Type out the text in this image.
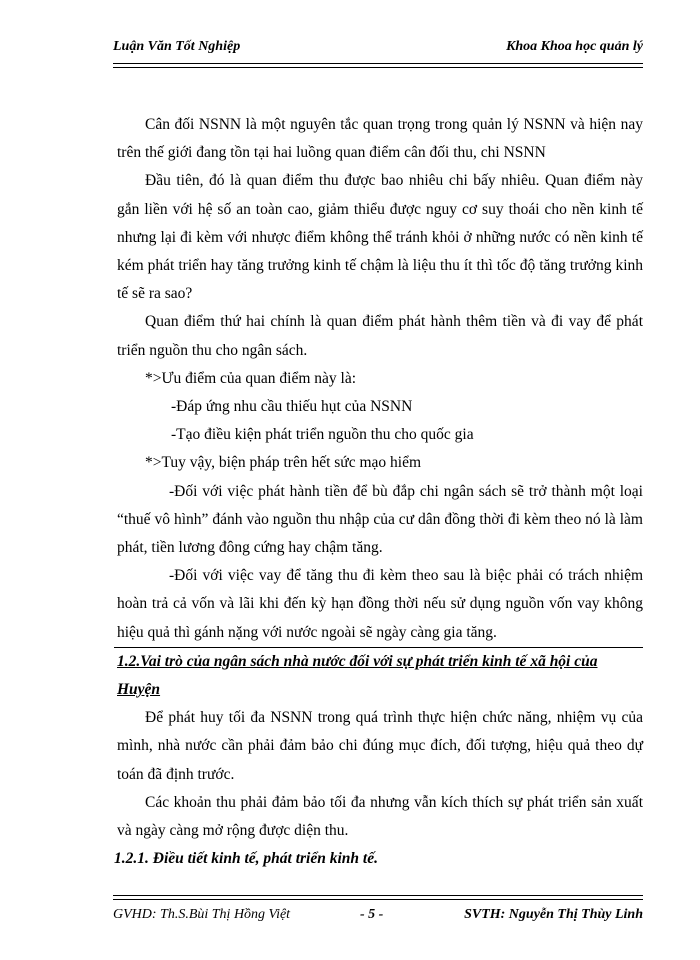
Luận Văn Tốt Nghiệp	Khoa Khoa học quản lý

Cân đối NSNN là một nguyên tắc quan trọng trong quản lý NSNN và hiện nay trên thế giới đang tồn tại hai luồng quan điểm cân đối thu, chi NSNN

Đầu tiên, đó là quan điểm thu được bao nhiêu chi bấy nhiêu. Quan điểm này gắn liền với hệ số an toàn cao, giảm thiểu được nguy cơ suy thoái cho nền kinh tế nhưng lại đi kèm với nhược điểm không thể tránh khỏi ở những nước có nền kinh tế kém phát triển hay tăng trưởng kinh tế chậm là liệu thu ít thì tốc độ tăng trưởng kinh tế sẽ ra sao?

Quan điểm thứ hai chính là quan điểm phát hành thêm tiền và đi vay để phát triển nguồn thu cho ngân sách.

*>Ưu điểm của quan điểm này là:

-Đáp ứng nhu cầu thiếu hụt của NSNN

-Tạo điều kiện phát triển nguồn thu cho quốc gia

*>Tuy vậy, biện pháp trên hết sức mạo hiểm

-Đối với việc phát hành tiền để bù đắp chi ngân sách sẽ trở thành một loại “thuế vô hình” đánh vào nguồn thu nhập của cư dân đồng thời đi kèm theo nó là làm phát, tiền lương đông cứng hay chậm tăng.

-Đối với việc vay để tăng thu đi kèm theo sau là biệc phải có trách nhiệm hoàn trả cả vốn và lãi khi đến kỳ hạn đồng thời nếu sử dụng nguồn vốn vay không hiệu quả thì gánh nặng với nước ngoài sẽ ngày càng gia tăng.

1.2.Vai trò của ngân sách nhà nước đối với sự phát triển kinh tế xã hội của Huyện

Để phát huy tối đa NSNN trong quá trình thực hiện chức năng, nhiệm vụ của mình, nhà nước cần phải đảm bảo chi đúng mục đích, đối tượng, hiệu quả theo dự toán đã định trước.

Các khoản thu phải đảm bảo tối đa nhưng vẫn kích thích sự phát triển sản xuất và ngày càng mở rộng được diện thu.

1.2.1. Điều tiết kinh tế, phát triển kinh tế.

GVHD: Th.S.Bùi Thị Hồng Việt	- 5 -	SVTH: Nguyễn Thị Thùy Linh
